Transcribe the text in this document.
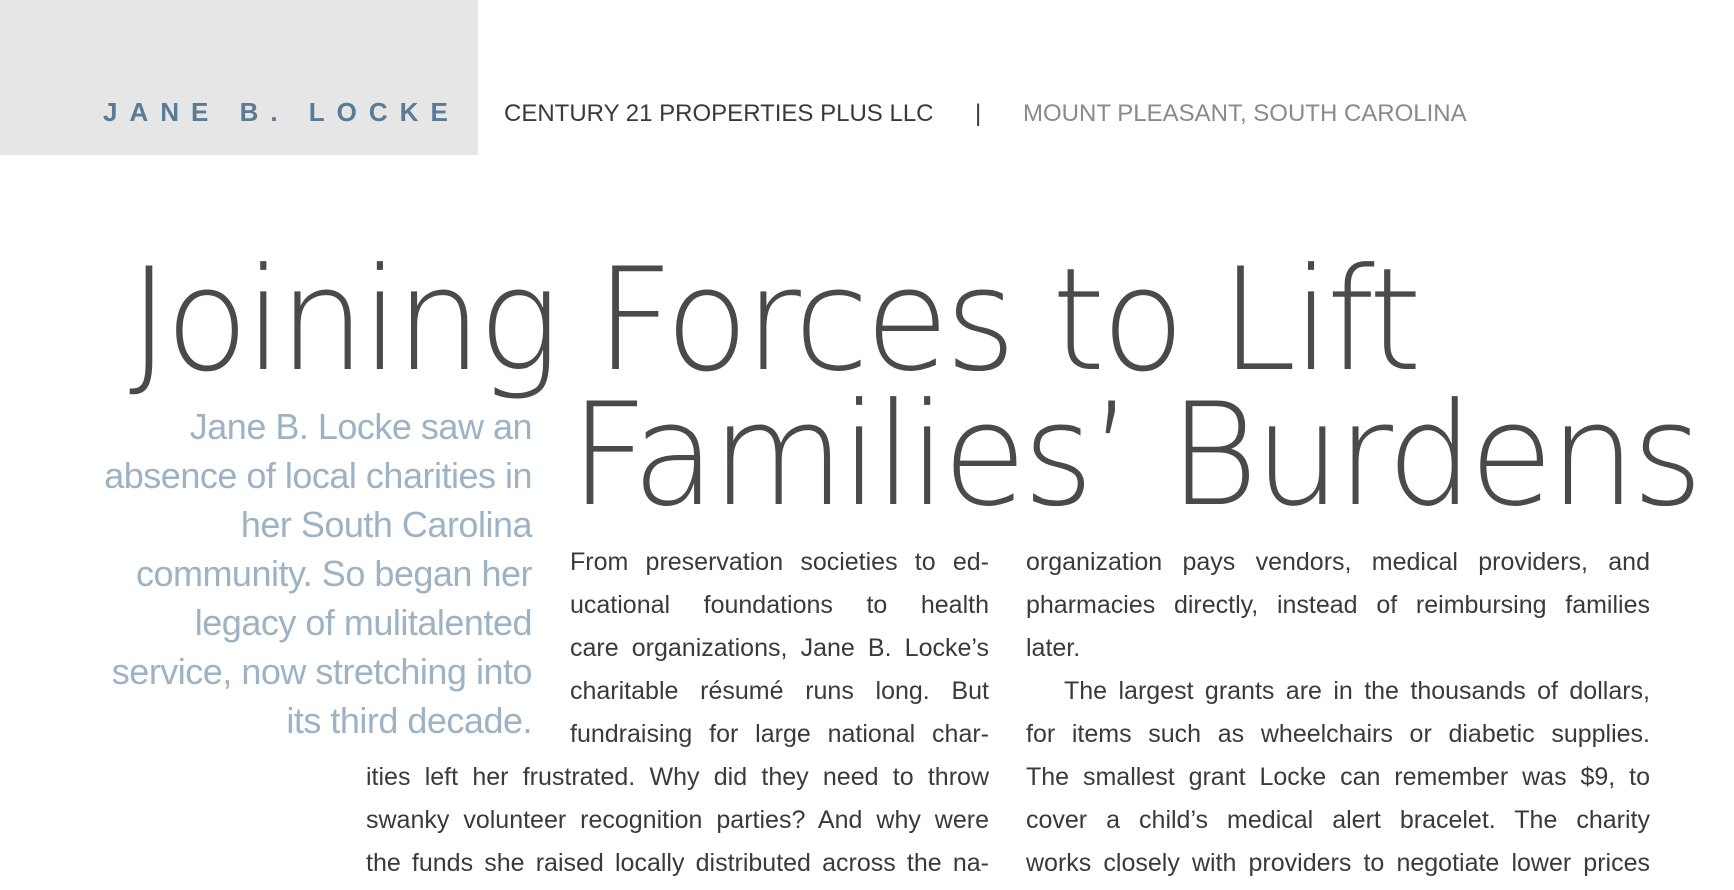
JANE B. LOCKE CENTURY 21 PROPERTIES PLUS LLC | MOUNT PLEASANT, SOUTH CAROLINA
Joining Forces to Lift
Families’ Burdens
Jane B. Locke saw an absence of local charities in her South Carolina community. So began her legacy of mulitalented service, now stretching into its third decade.
From preservation societies to ed-
ucational foundations to health
care organizations, Jane B. Locke’s
charitable résumé runs long. But
fundraising for large national char-
ities left her frustrated. Why did they need to throw
swanky volunteer recognition parties? And why were
the funds she raised locally distributed across the na-
organization pays vendors, medical providers, and
pharmacies directly, instead of reimbursing families
later.
The largest grants are in the thousands of dollars,
for items such as wheelchairs or diabetic supplies.
The smallest grant Locke can remember was $9, to
cover a child’s medical alert bracelet. The charity
works closely with providers to negotiate lower prices
